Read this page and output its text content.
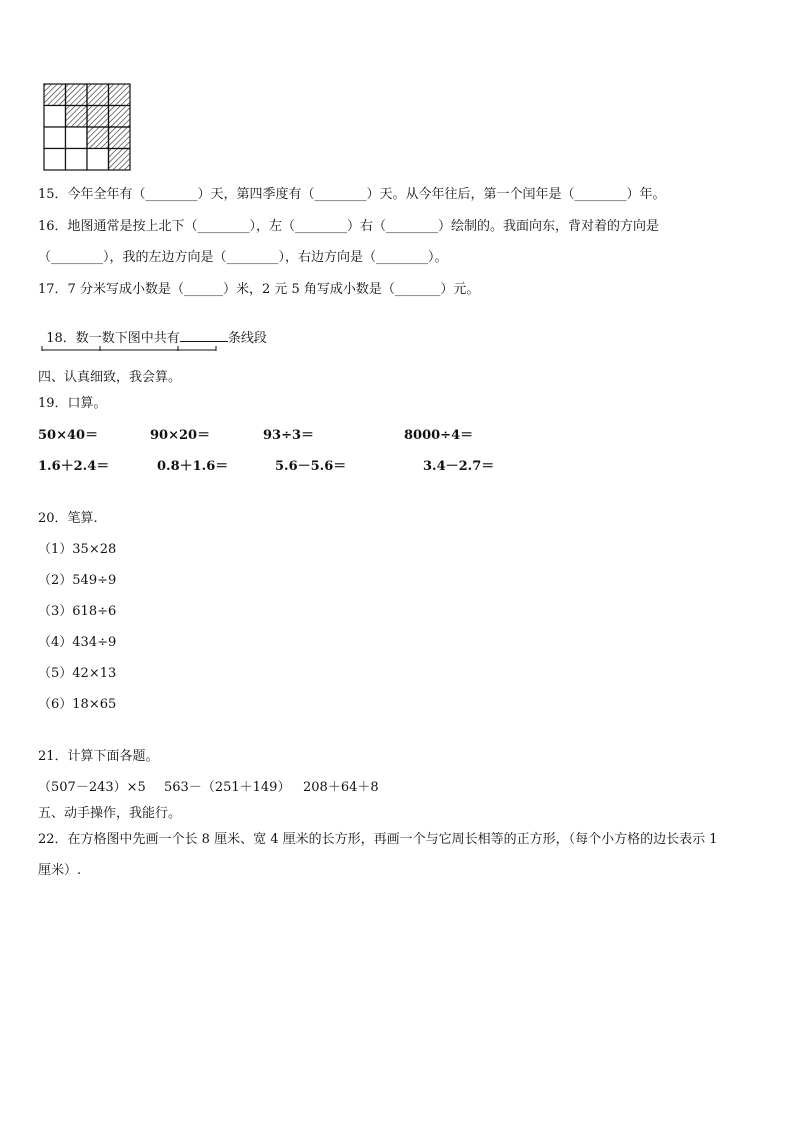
15．今年全年有（________）天，第四季度有（________）天。从今年往后，第一个闰年是（________）年。
16．地图通常是按上北下（________），左（________）右（________）绘制的。我面向东，背对着的方向是
（________），我的左边方向是（________），右边方向是（________）。
17．7 分米写成小数是（______）米，2 元 5 角写成小数是（_______）元。

18．数一数下图中共有	条线段

四、认真细致，我会算。
19．口算。
50×40＝	90×20＝	93÷3＝	8000÷4＝
1.6＋2.4＝	0.8＋1.6＝	5.6－5.6＝	3.4－2.7＝
20．笔算.
（1）35×28
（2）549÷9
（3）618÷6
（4）434÷9
（5）42×13
（6）18×65
21．计算下面各题。
（507－243）×5 563－（251＋149） 208＋64＋8
五、动手操作，我能行。
22．在方格图中先画一个长 8 厘米、宽 4 厘米的长方形，再画一个与它周长相等的正方形，（每个小方格的边长表示 1
厘米）.
